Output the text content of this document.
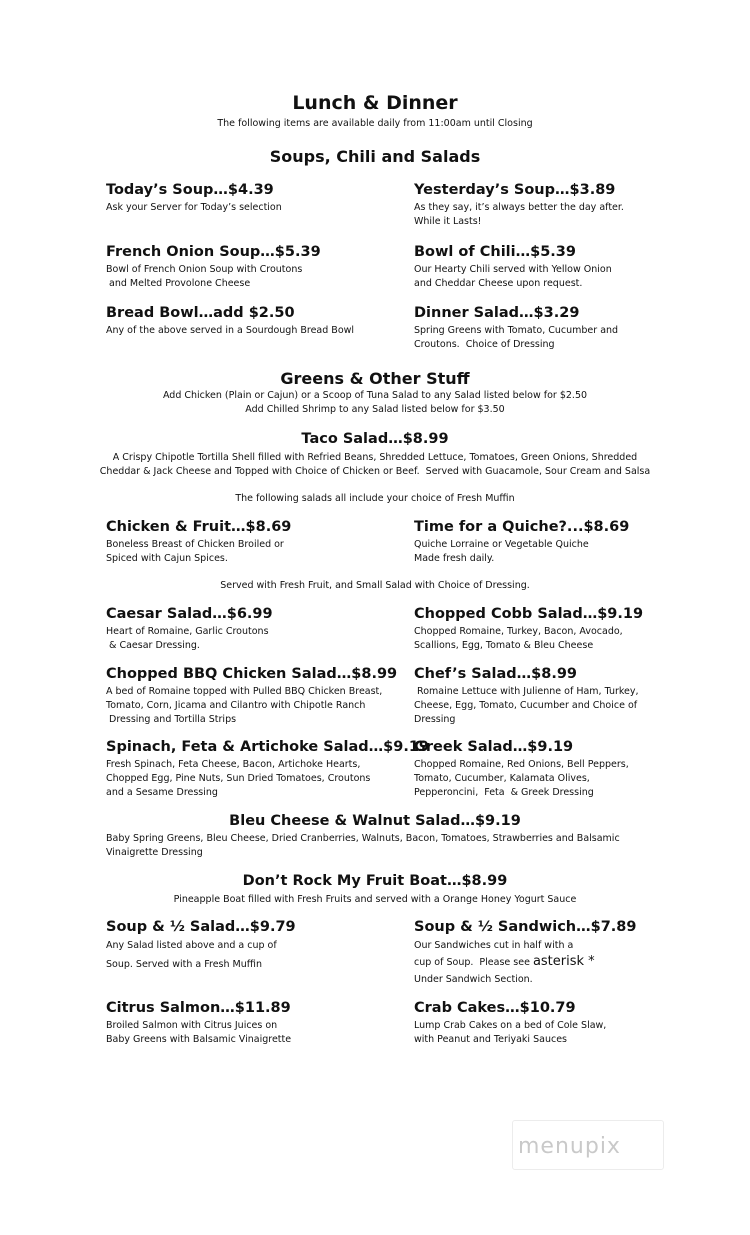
Lunch & Dinner
The following items are available daily from 11:00am until Closing
Soups, Chili and Salads
Today’s Soup…$4.39
Ask your Server for Today’s selection
Yesterday’s Soup…$3.89
As they say, it’s always better the day after.
While it Lasts!
French Onion Soup…$5.39
Bowl of French Onion Soup with Croutons
and Melted Provolone Cheese
Bowl of Chili…$5.39
Our Hearty Chili served with Yellow Onion
and Cheddar Cheese upon request.
Bread Bowl…add $2.50
Any of the above served in a Sourdough Bread Bowl
Dinner Salad…$3.29
Spring Greens with Tomato, Cucumber and
Croutons.  Choice of Dressing
Greens & Other Stuff
Add Chicken (Plain or Cajun) or a Scoop of Tuna Salad to any Salad listed below for $2.50
Add Chilled Shrimp to any Salad listed below for $3.50
Taco Salad…$8.99
A Crispy Chipotle Tortilla Shell filled with Refried Beans, Shredded Lettuce, Tomatoes, Green Onions, Shredded
Cheddar & Jack Cheese and Topped with Choice of Chicken or Beef.  Served with Guacamole, Sour Cream and Salsa
The following salads all include your choice of Fresh Muffin
Chicken & Fruit…$8.69
Boneless Breast of Chicken Broiled or
Spiced with Cajun Spices.
Time for a Quiche?...$8.69
Quiche Lorraine or Vegetable Quiche
Made fresh daily.
Served with Fresh Fruit, and Small Salad with Choice of Dressing.
Caesar Salad…$6.99
Heart of Romaine, Garlic Croutons
& Caesar Dressing.
Chopped Cobb Salad…$9.19
Chopped Romaine, Turkey, Bacon, Avocado,
Scallions, Egg, Tomato & Bleu Cheese
Chopped BBQ Chicken Salad…$8.99
A bed of Romaine topped with Pulled BBQ Chicken Breast,
Tomato, Corn, Jicama and Cilantro with Chipotle Ranch
Dressing and Tortilla Strips
Chef’s Salad…$8.99
Romaine Lettuce with Julienne of Ham, Turkey,
Cheese, Egg, Tomato, Cucumber and Choice of
Dressing
Spinach, Feta & Artichoke Salad…$9.19
Fresh Spinach, Feta Cheese, Bacon, Artichoke Hearts,
Chopped Egg, Pine Nuts, Sun Dried Tomatoes, Croutons
and a Sesame Dressing
Greek Salad…$9.19
Chopped Romaine, Red Onions, Bell Peppers,
Tomato, Cucumber, Kalamata Olives,
Pepperoncini,  Feta  & Greek Dressing
Bleu Cheese & Walnut Salad…$9.19
Baby Spring Greens, Bleu Cheese, Dried Cranberries, Walnuts, Bacon, Tomatoes, Strawberries and Balsamic
Vinaigrette Dressing
Don’t Rock My Fruit Boat…$8.99
Pineapple Boat filled with Fresh Fruits and served with a Orange Honey Yogurt Sauce
Soup & ½ Salad…$9.79
Any Salad listed above and a cup of
Soup. Served with a Fresh Muffin
Soup & ½ Sandwich…$7.89
Our Sandwiches cut in half with a
cup of Soup.  Please see asterisk *
Under Sandwich Section.
Citrus Salmon…$11.89
Broiled Salmon with Citrus Juices on
Baby Greens with Balsamic Vinaigrette
Crab Cakes…$10.79
Lump Crab Cakes on a bed of Cole Slaw,
with Peanut and Teriyaki Sauces
menupix
